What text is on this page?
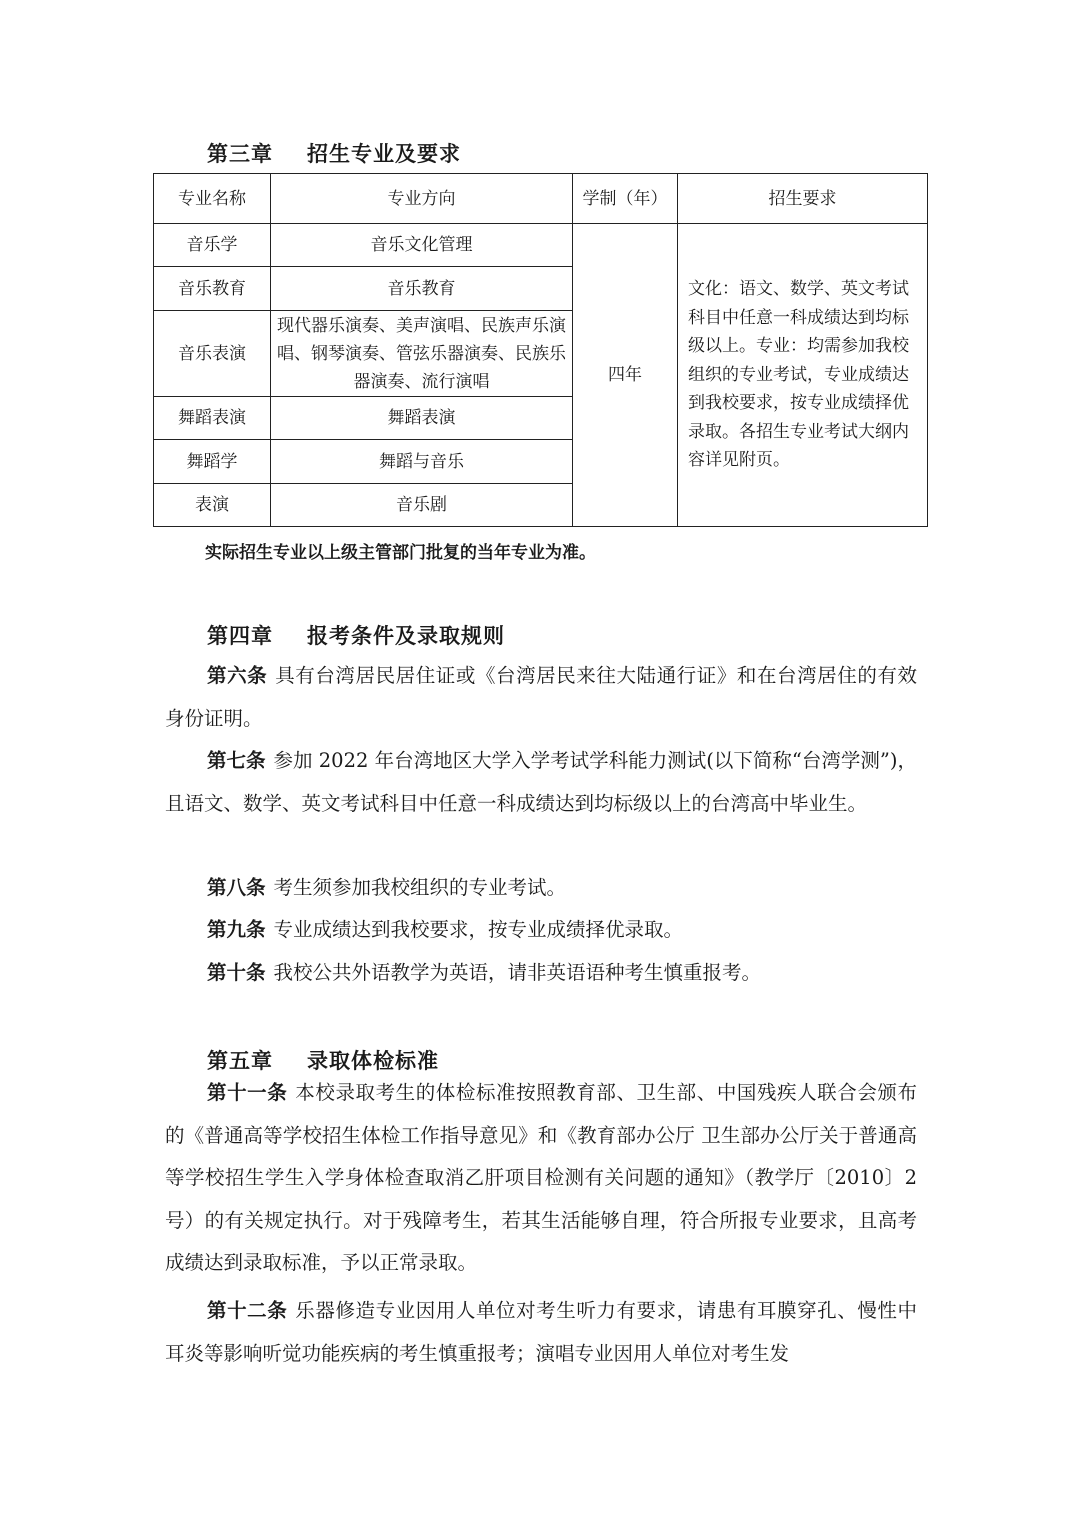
第三章 招生专业及要求
专业名称	专业方向	学制（年）	招生要求
音乐学	音乐文化管理	四年	文化：语文、数学、英文考试科目中任意一科成绩达到均标级以上。专业：均需参加我校组织的专业考试，专业成绩达到我校要求，按专业成绩择优录取。各招生专业考试大纲内容详见附页。
音乐教育	音乐教育		
音乐表演	现代器乐演奏、美声演唱、民族声乐演唱、钢琴演奏、管弦乐器演奏、民族乐器演奏、流行演唱		
舞蹈表演	舞蹈表演		
舞蹈学	舞蹈与音乐		
表演	音乐剧		
实际招生专业以上级主管部门批复的当年专业为准。
第四章 报考条件及录取规则

第六条 具有台湾居民居住证或《台湾居民来往大陆通行证》和在台湾居住的有效身份证明。

第七条 参加 2022 年台湾地区大学入学考试学科能力测试(以下简称“台湾学测”)，且语文、数学、英文考试科目中任意一科成绩达到均标级以上的台湾高中毕业生。

第八条 考生须参加我校组织的专业考试。

第九条 专业成绩达到我校要求，按专业成绩择优录取。

第十条 我校公共外语教学为英语，请非英语语种考生慎重报考。

第五章 录取体检标准

第十一条 本校录取考生的体检标准按照教育部、卫生部、中国残疾人联合会颁布的《普通高等学校招生体检工作指导意见》和《教育部办公厅 卫生部办公厅关于普通高等学校招生学生入学身体检查取消乙肝项目检测有关问题的通知》（教学厅〔2010〕2 号）的有关规定执行。对于残障考生，若其生活能够自理，符合所报专业要求，且高考成绩达到录取标准，予以正常录取。

第十二条 乐器修造专业因用人单位对考生听力有要求，请患有耳膜穿孔、慢性中耳炎等影响听觉功能疾病的考生慎重报考；演唱专业因用人单位对考生发
